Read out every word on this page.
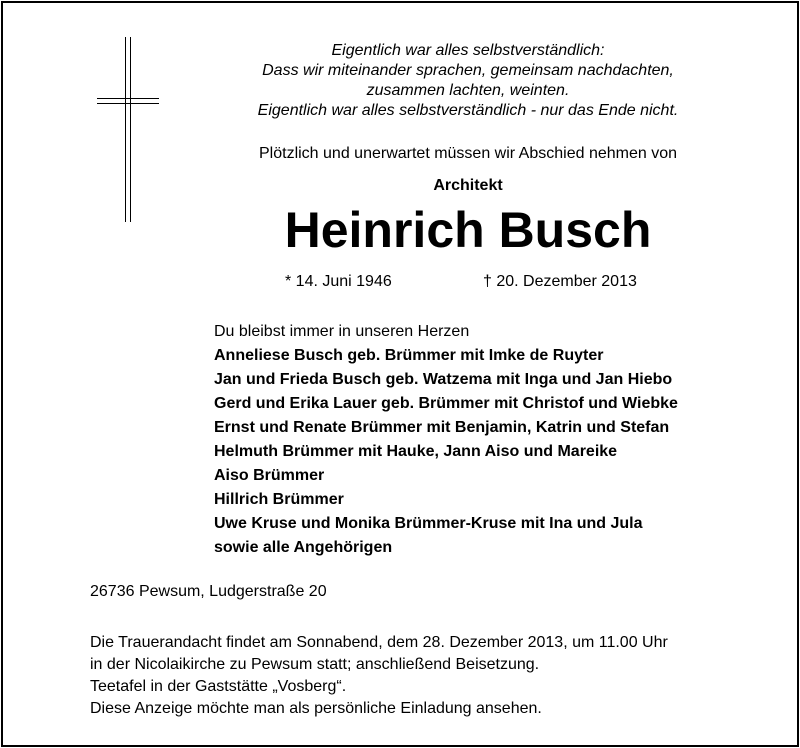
Eigentlich war alles selbstverständlich:
Dass wir miteinander sprachen, gemeinsam nachdachten,
zusammen lachten, weinten.
Eigentlich war alles selbstverständlich - nur das Ende nicht.
Plötzlich und unerwartet müssen wir Abschied nehmen von
Architekt
Heinrich Busch
* 14. Juni 1946	† 20. Dezember 2013
Du bleibst immer in unseren Herzen
Anneliese Busch geb. Brümmer mit Imke de Ruyter
Jan und Frieda Busch geb. Watzema mit Inga und Jan Hiebo
Gerd und Erika Lauer geb. Brümmer mit Christof und Wiebke
Ernst und Renate Brümmer mit Benjamin, Katrin und Stefan
Helmuth Brümmer mit Hauke, Jann Aiso und Mareike
Aiso Brümmer
Hillrich Brümmer
Uwe Kruse und Monika Brümmer-Kruse mit Ina und Jula
sowie alle Angehörigen
26736 Pewsum, Ludgerstraße 20
Die Trauerandacht findet am Sonnabend, dem 28. Dezember 2013, um 11.00 Uhr
in der Nicolaikirche zu Pewsum statt; anschließend Beisetzung.
Teetafel in der Gaststätte „Vosberg“.
Diese Anzeige möchte man als persönliche Einladung ansehen.
